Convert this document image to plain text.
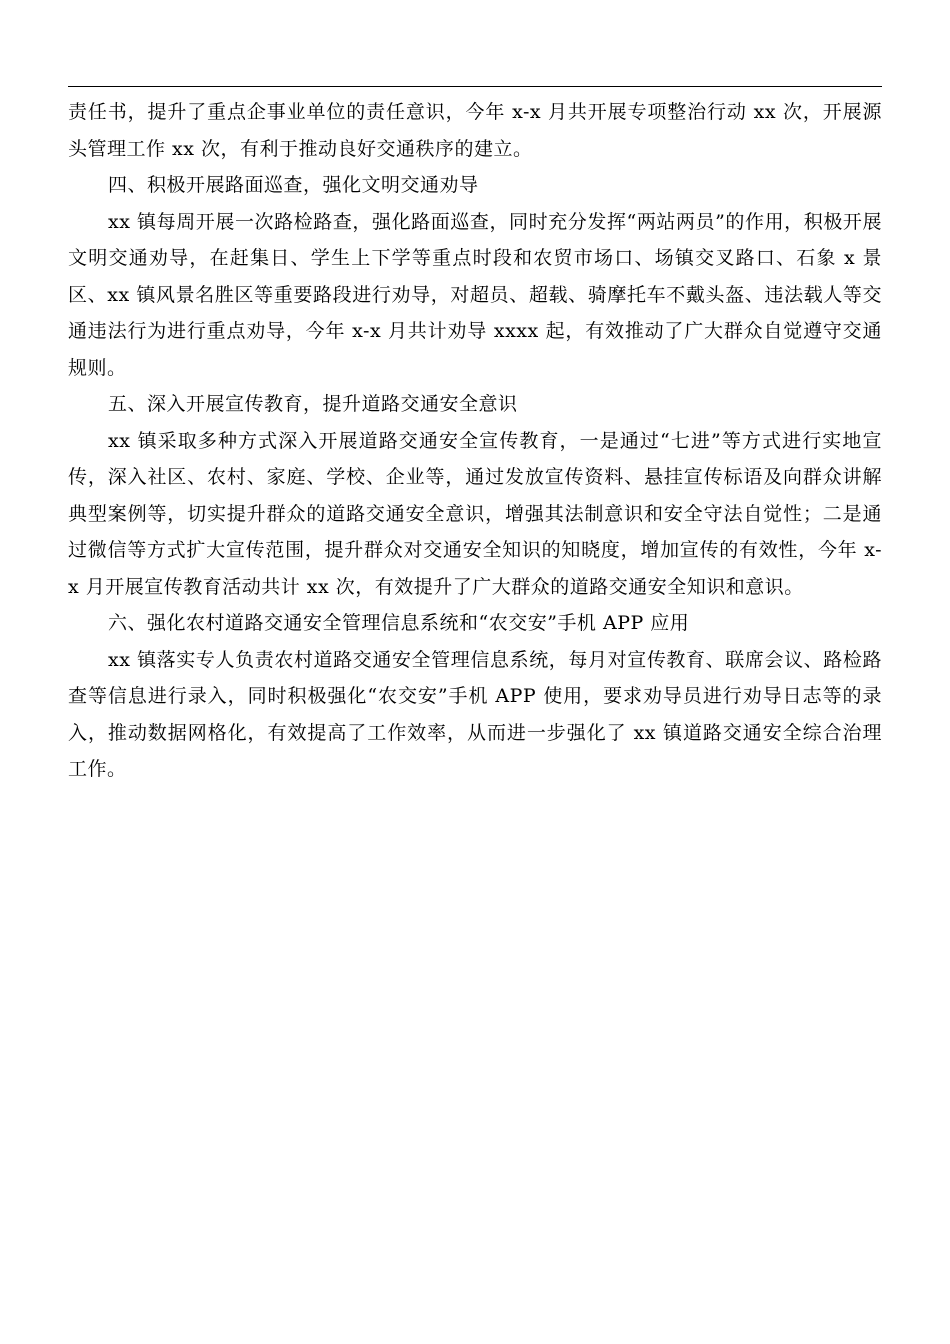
责任书，提升了重点企事业单位的责任意识，今年 x-x 月共开展专项整治行动 xx 次，开展源头管理工作 xx 次，有利于推动良好交通秩序的建立。

四、积极开展路面巡查，强化文明交通劝导

xx 镇每周开展一次路检路查，强化路面巡查，同时充分发挥“两站两员”的作用，积极开展文明交通劝导，在赶集日、学生上下学等重点时段和农贸市场口、场镇交叉路口、石象 x 景区、xx 镇风景名胜区等重要路段进行劝导，对超员、超载、骑摩托车不戴头盔、违法载人等交通违法行为进行重点劝导，今年 x-x 月共计劝导 xxxx 起，有效推动了广大群众自觉遵守交通规则。

五、深入开展宣传教育，提升道路交通安全意识

xx 镇采取多种方式深入开展道路交通安全宣传教育，一是通过“七进”等方式进行实地宣传，深入社区、农村、家庭、学校、企业等，通过发放宣传资料、悬挂宣传标语及向群众讲解典型案例等，切实提升群众的道路交通安全意识，增强其法制意识和安全守法自觉性；二是通过微信等方式扩大宣传范围，提升群众对交通安全知识的知晓度，增加宣传的有效性，今年 x-x 月开展宣传教育活动共计 xx 次，有效提升了广大群众的道路交通安全知识和意识。

六、强化农村道路交通安全管理信息系统和“农交安”手机 APP 应用

xx 镇落实专人负责农村道路交通安全管理信息系统，每月对宣传教育、联席会议、路检路查等信息进行录入，同时积极强化“农交安”手机 APP 使用，要求劝导员进行劝导日志等的录入，推动数据网格化，有效提高了工作效率，从而进一步强化了 xx 镇道路交通安全综合治理工作。
